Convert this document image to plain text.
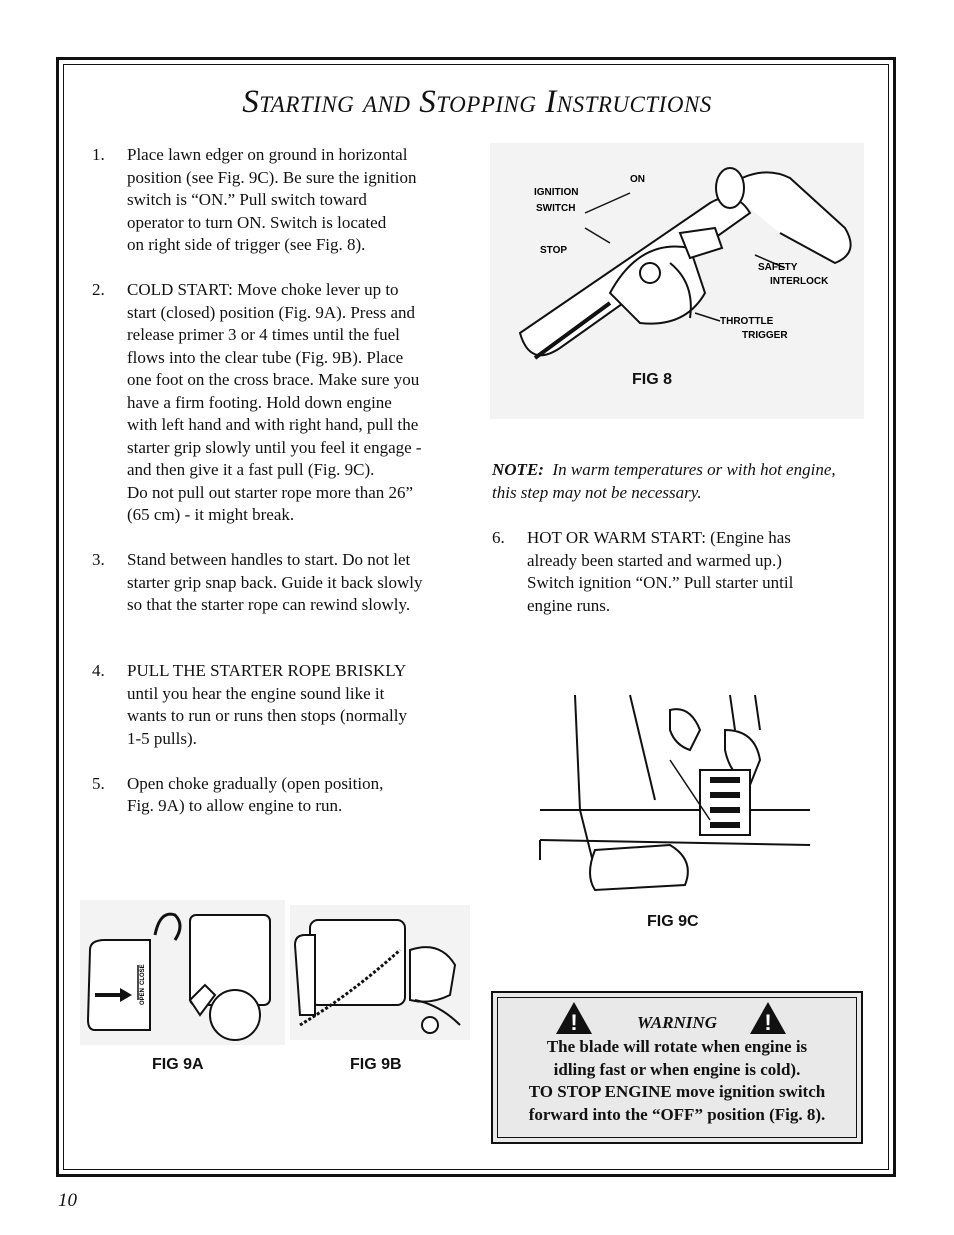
Starting and Stopping Instructions
1.	Place lawn edger on ground in horizontal
position (see Fig. 9C). Be sure the ignition
switch is “ON.” Pull switch toward
operator to turn ON. Switch is located
on right side of trigger (see Fig. 8).
2.	COLD START: Move choke lever up to
start (closed) position (Fig. 9A). Press and
release primer 3 or 4 times until the fuel
flows into the clear tube (Fig. 9B). Place
one foot on the cross brace. Make sure you
have a firm footing. Hold down engine
with left hand and with right hand, pull the
starter grip slowly until you feel it engage -
and then give it a fast pull (Fig. 9C).
Do not pull out starter rope more than 26”
(65 cm) - it might break.
3.	Stand between handles to start. Do not let
starter grip snap back. Guide it back slowly
so that the starter rope can rewind slowly.
4.	PULL THE STARTER ROPE BRISKLY
until you hear the engine sound like it
wants to run or runs then stops (normally
1-5 pulls).
5.	Open choke gradually (open position,
Fig. 9A) to allow engine to run.
IGNITION
SWITCH
ON
STOP
SAFETY
INTERLOCK
THROTTLE
TRIGGER
FIG 8
NOTE: In warm temperatures or with hot engine, this step may not be necessary.
6.	HOT OR WARM START: (Engine has
already been started and warmed up.)
Switch ignition “ON.” Pull starter until
engine runs.
FIG 9C
OPEN
CLOSE
FIG 9A	FIG 9B
!	!
WARNING
The blade will rotate when engine is
idling fast or when engine is cold).
TO STOP ENGINE move ignition switch
forward into the “OFF” position (Fig. 8).
10
